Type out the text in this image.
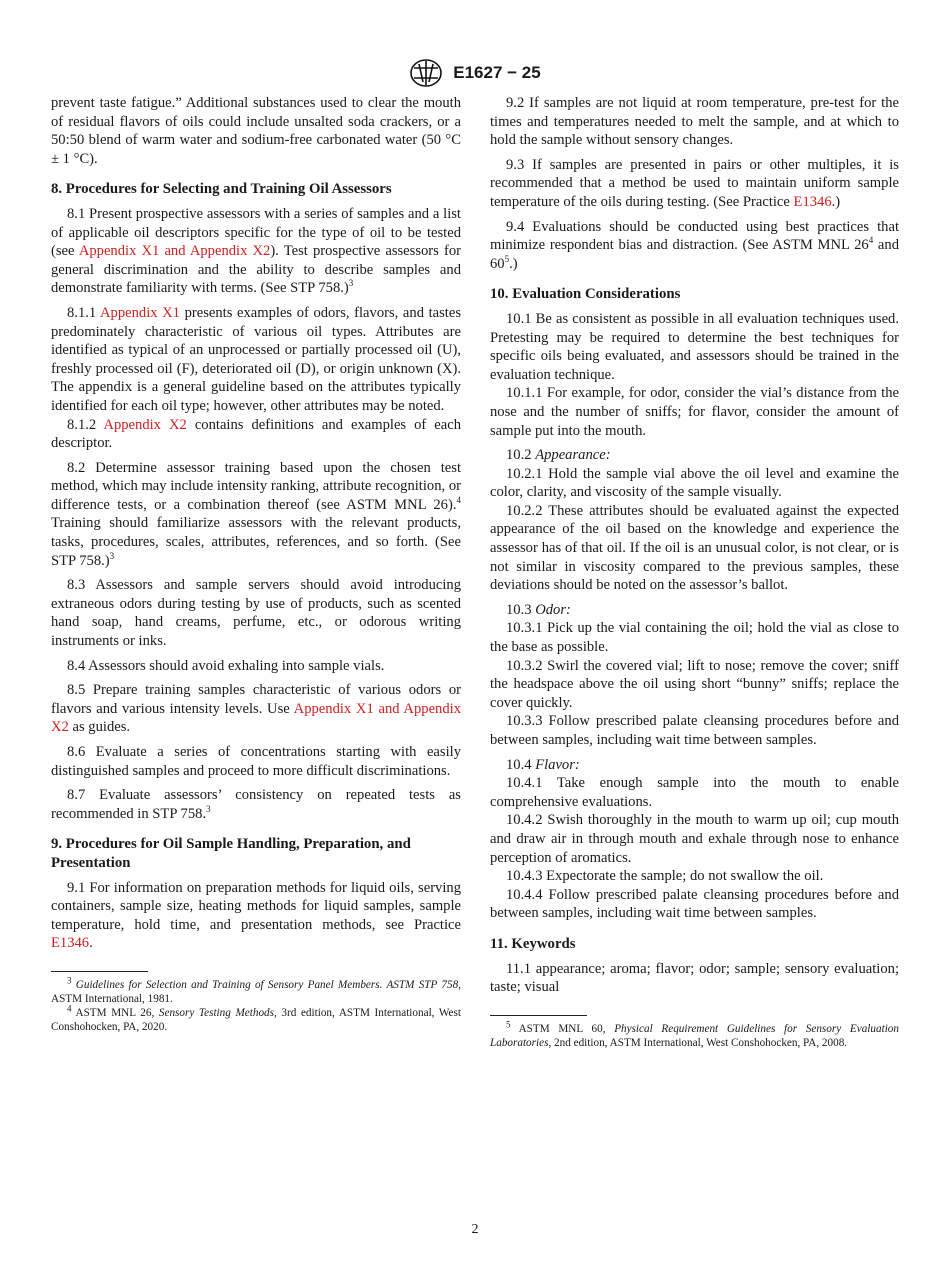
E1627 − 25

prevent taste fatigue.” Additional substances used to clear the mouth of residual flavors of oils could include unsalted soda crackers, or a 50:50 blend of warm water and sodium-free carbonated water (50 °C ± 1 °C).

8. Procedures for Selecting and Training Oil Assessors

8.1 Present prospective assessors with a series of samples and a list of applicable oil descriptors specific for the type of oil to be tested (see Appendix X1 and Appendix X2). Test prospective assessors for general discrimination and the ability to describe samples and demonstrate familiarity with terms. (See STP 758.)$^3$

8.1.1 Appendix X1 presents examples of odors, flavors, and tastes predominately characteristic of various oil types. Attributes are identified as typical of an unprocessed or partially processed oil (U), freshly processed oil (F), deteriorated oil (D), or origin unknown (X). The appendix is a general guideline based on the attributes typically identified for each oil type; however, other attributes may be noted.

8.1.2 Appendix X2 contains definitions and examples of each descriptor.

8.2 Determine assessor training based upon the chosen test method, which may include intensity ranking, attribute recognition, or difference tests, or a combination thereof (see ASTM MNL 26).$^4$ Training should familiarize assessors with the relevant products, tasks, procedures, scales, attributes, references, and so forth. (See STP 758.)$^3$

8.3 Assessors and sample servers should avoid introducing extraneous odors during testing by use of products, such as scented hand soap, hand creams, perfume, etc., or odorous writing instruments or inks.

8.4 Assessors should avoid exhaling into sample vials.

8.5 Prepare training samples characteristic of various odors or flavors and various intensity levels. Use Appendix X1 and Appendix X2 as guides.

8.6 Evaluate a series of concentrations starting with easily distinguished samples and proceed to more difficult discriminations.

8.7 Evaluate assessors’ consistency on repeated tests as recommended in STP 758.$^3$

9. Procedures for Oil Sample Handling, Preparation, and Presentation

9.1 For information on preparation methods for liquid oils, serving containers, sample size, heating methods for liquid samples, sample temperature, hold time, and presentation methods, see Practice E1346.

$^3$ Guidelines for Selection and Training of Sensory Panel Members. ASTM STP 758, ASTM International, 1981.

$^4$ ASTM MNL 26, Sensory Testing Methods, 3rd edition, ASTM International, West Conshohocken, PA, 2020.

9.2 If samples are not liquid at room temperature, pre-test for the times and temperatures needed to melt the sample, and at which to hold the sample without sensory changes.

9.3 If samples are presented in pairs or other multiples, it is recommended that a method be used to maintain uniform sample temperature of the oils during testing. (See Practice E1346.)

9.4 Evaluations should be conducted using best practices that minimize respondent bias and distraction. (See ASTM MNL $26^4$ and $60^5$.)

10. Evaluation Considerations

10.1 Be as consistent as possible in all evaluation techniques used. Pretesting may be required to determine the best techniques for specific oils being evaluated, and assessors should be trained in the evaluation technique.

10.1.1 For example, for odor, consider the vial’s distance from the nose and the number of sniffs; for flavor, consider the amount of sample put into the mouth.

10.2 Appearance:

10.2.1 Hold the sample vial above the oil level and examine the color, clarity, and viscosity of the sample visually.

10.2.2 These attributes should be evaluated against the expected appearance of the oil based on the knowledge and experience the assessor has of that oil. If the oil is an unusual color, is not clear, or is not similar in viscosity compared to the previous samples, these deviations should be noted on the assessor’s ballot.

10.3 Odor:

10.3.1 Pick up the vial containing the oil; hold the vial as close to the base as possible.

10.3.2 Swirl the covered vial; lift to nose; remove the cover; sniff the headspace above the oil using short “bunny” sniffs; replace the cover quickly.

10.3.3 Follow prescribed palate cleansing procedures before and between samples, including wait time between samples.

10.4 Flavor:

10.4.1 Take enough sample into the mouth to enable comprehensive evaluations.

10.4.2 Swish thoroughly in the mouth to warm up oil; cup mouth and draw air in through mouth and exhale through nose to enhance perception of aromatics.

10.4.3 Expectorate the sample; do not swallow the oil.

10.4.4 Follow prescribed palate cleansing procedures before and between samples, including wait time between samples.

11. Keywords

11.1 appearance; aroma; flavor; odor; sample; sensory evaluation; taste; visual

$^5$ ASTM MNL 60, Physical Requirement Guidelines for Sensory Evaluation Laboratories, 2nd edition, ASTM International, West Conshohocken, PA, 2008.

2
